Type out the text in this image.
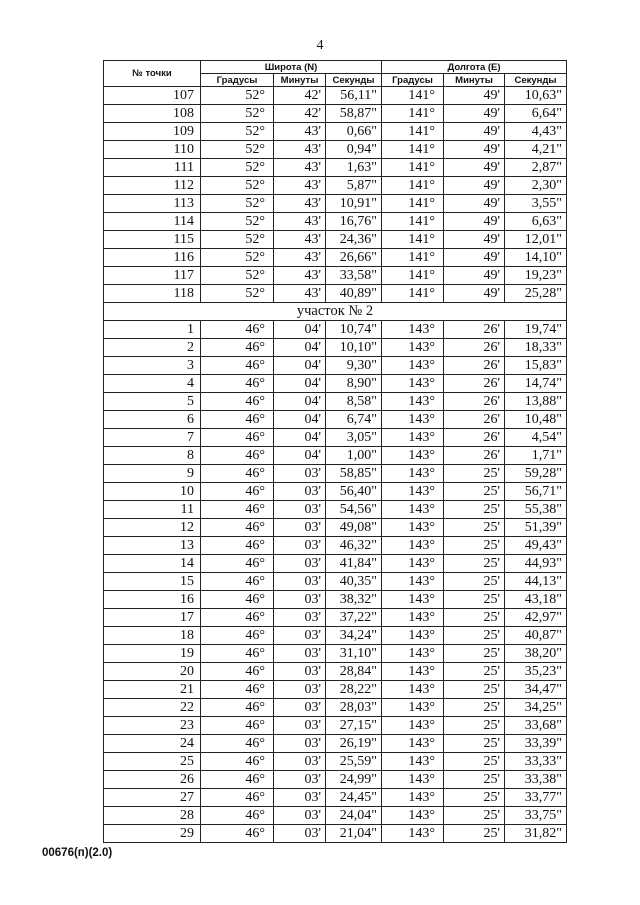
4
№ точки	Широта (N)			Долгота (E)		
	Градусы	Минуты	Секунды	Градусы	Минуты	Секунды
107	52°	42'	56,11"	141°	49'	10,63"
108	52°	42'	58,87"	141°	49'	6,64"
109	52°	43'	0,66"	141°	49'	4,43"
110	52°	43'	0,94"	141°	49'	4,21"
111	52°	43'	1,63"	141°	49'	2,87"
112	52°	43'	5,87"	141°	49'	2,30"
113	52°	43'	10,91"	141°	49'	3,55"
114	52°	43'	16,76"	141°	49'	6,63"
115	52°	43'	24,36"	141°	49'	12,01"
116	52°	43'	26,66"	141°	49'	14,10"
117	52°	43'	33,58"	141°	49'	19,23"
118	52°	43'	40,89"	141°	49'	25,28"
участок № 2						
1	46°	04'	10,74"	143°	26'	19,74"
2	46°	04'	10,10"	143°	26'	18,33"
3	46°	04'	9,30"	143°	26'	15,83"
4	46°	04'	8,90"	143°	26'	14,74"
5	46°	04'	8,58"	143°	26'	13,88"
6	46°	04'	6,74"	143°	26'	10,48"
7	46°	04'	3,05"	143°	26'	4,54"
8	46°	04'	1,00"	143°	26'	1,71"
9	46°	03'	58,85"	143°	25'	59,28"
10	46°	03'	56,40"	143°	25'	56,71"
11	46°	03'	54,56"	143°	25'	55,38"
12	46°	03'	49,08"	143°	25'	51,39"
13	46°	03'	46,32"	143°	25'	49,43"
14	46°	03'	41,84"	143°	25'	44,93"
15	46°	03'	40,35"	143°	25'	44,13"
16	46°	03'	38,32"	143°	25'	43,18"
17	46°	03'	37,22"	143°	25'	42,97"
18	46°	03'	34,24"	143°	25'	40,87"
19	46°	03'	31,10"	143°	25'	38,20"
20	46°	03'	28,84"	143°	25'	35,23"
21	46°	03'	28,22"	143°	25'	34,47"
22	46°	03'	28,03"	143°	25'	34,25"
23	46°	03'	27,15"	143°	25'	33,68"
24	46°	03'	26,19"	143°	25'	33,39"
25	46°	03'	25,59"	143°	25'	33,33"
26	46°	03'	24,99"	143°	25'	33,38"
27	46°	03'	24,45"	143°	25'	33,77"
28	46°	03'	24,04"	143°	25'	33,75"
29	46°	03'	21,04"	143°	25'	31,82"
00676(п)(2.0)
